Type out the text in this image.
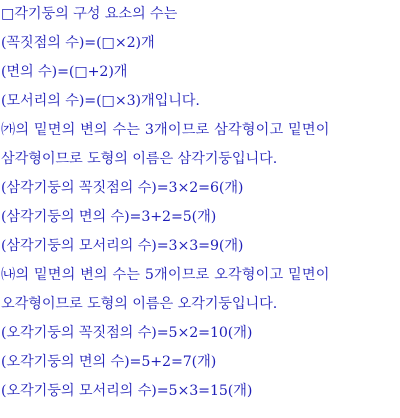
□각기둥의 구성 요소의 수는
(꼭짓점의 수)=(□×2)개
(면의 수)=(□+2)개
(모서리의 수)=(□×3)개입니다.
㈎의 밑면의 변의 수는 3개이므로 삼각형이고 밑면이
삼각형이므로 도형의 이름은 삼각기둥입니다.
(삼각기둥의 꼭짓점의 수)=3×2=6(개)
(삼각기둥의 면의 수)=3+2=5(개)
(삼각기둥의 모서리의 수)=3×3=9(개)
㈏의 밑면의 변의 수는 5개이므로 오각형이고 밑면이
오각형이므로 도형의 이름은 오각기둥입니다.
(오각기둥의 꼭짓점의 수)=5×2=10(개)
(오각기둥의 면의 수)=5+2=7(개)
(오각기둥의 모서리의 수)=5×3=15(개)
